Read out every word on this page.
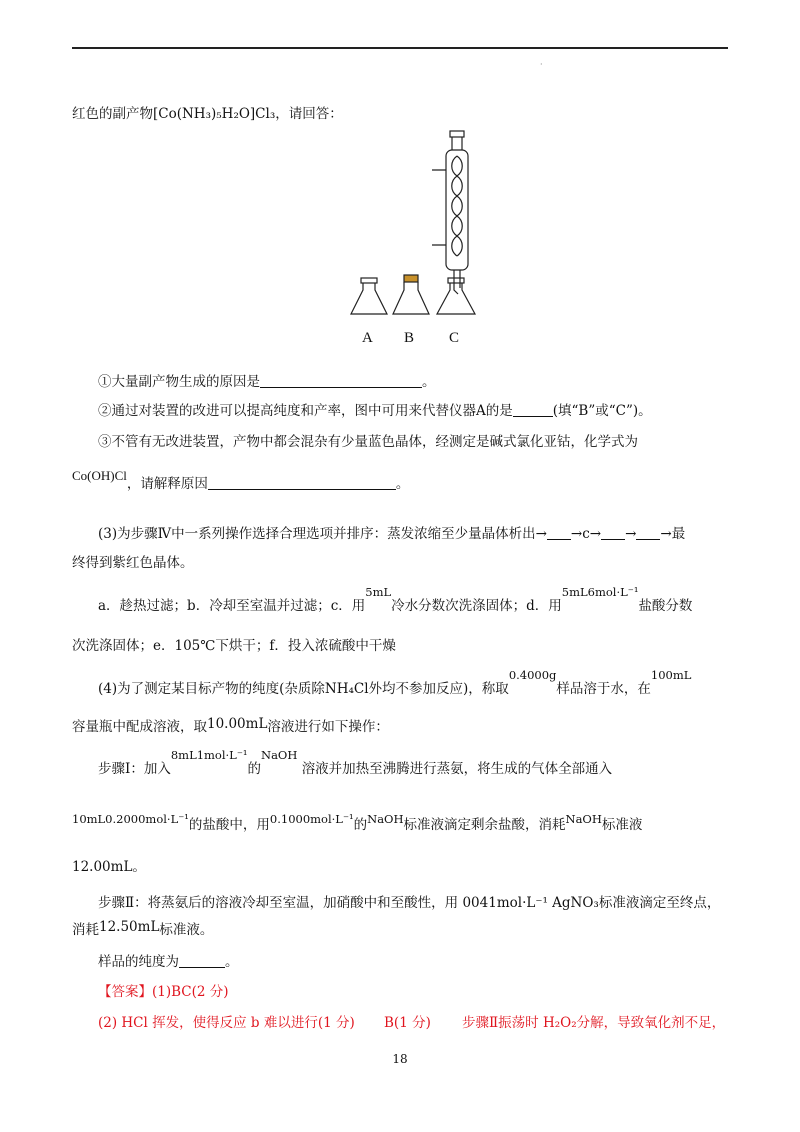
·
红色的副产物[Co(NH₃)₅H₂O]Cl₃，请回答：
A B C
①大量副产物生成的原因是	。
②通过对装置的改进可以提高纯度和产率，图中可用来代替仪器A的是	(填“B”或“C”)。
③不管有无改进装置，产物中都会混杂有少量蓝色晶体，经测定是碱式氯化亚钴，化学式为
Co(OH)Cl，请解释原因	。
(3)为步骤Ⅳ中一系列操作选择合理选项并排序：蒸发浓缩至少量晶体析出→ →c→ → →最
终得到紫红色晶体。
a．趁热过滤；b．冷却至室温并过滤；c．用5mL冷水分数次洗涤固体；d．用5mL6mol·L⁻¹盐酸分数
次洗涤固体；e．105℃下烘干；f．投入浓硫酸中干燥
(4)为了测定某目标产物的纯度(杂质除NH₄Cl外均不参加反应)，称取0.4000g样品溶于水，在100mL
容量瓶中配成溶液，取10.00mL溶液进行如下操作：
步骤Ⅰ：加入8mL1mol·L⁻¹的NaOH 溶液并加热至沸腾进行蒸氨，将生成的气体全部通入
10mL0.2000mol·L⁻¹的盐酸中，用0.1000mol·L⁻¹的NaOH标准液滴定剩余盐酸，消耗NaOH标准液
12.00mL。
步骤Ⅱ：将蒸氨后的溶液冷却至室温，加硝酸中和至酸性，用 0041mol·L⁻¹ AgNO₃标准液滴定至终点，
消耗12.50mL标准液。
样品的纯度为	。
【答案】(1)BC(2 分)
(2) HCl 挥发，使得反应 b 难以进行(1 分) B(1 分) 步骤Ⅱ振荡时 H₂O₂分解，导致氧化剂不足，
18
